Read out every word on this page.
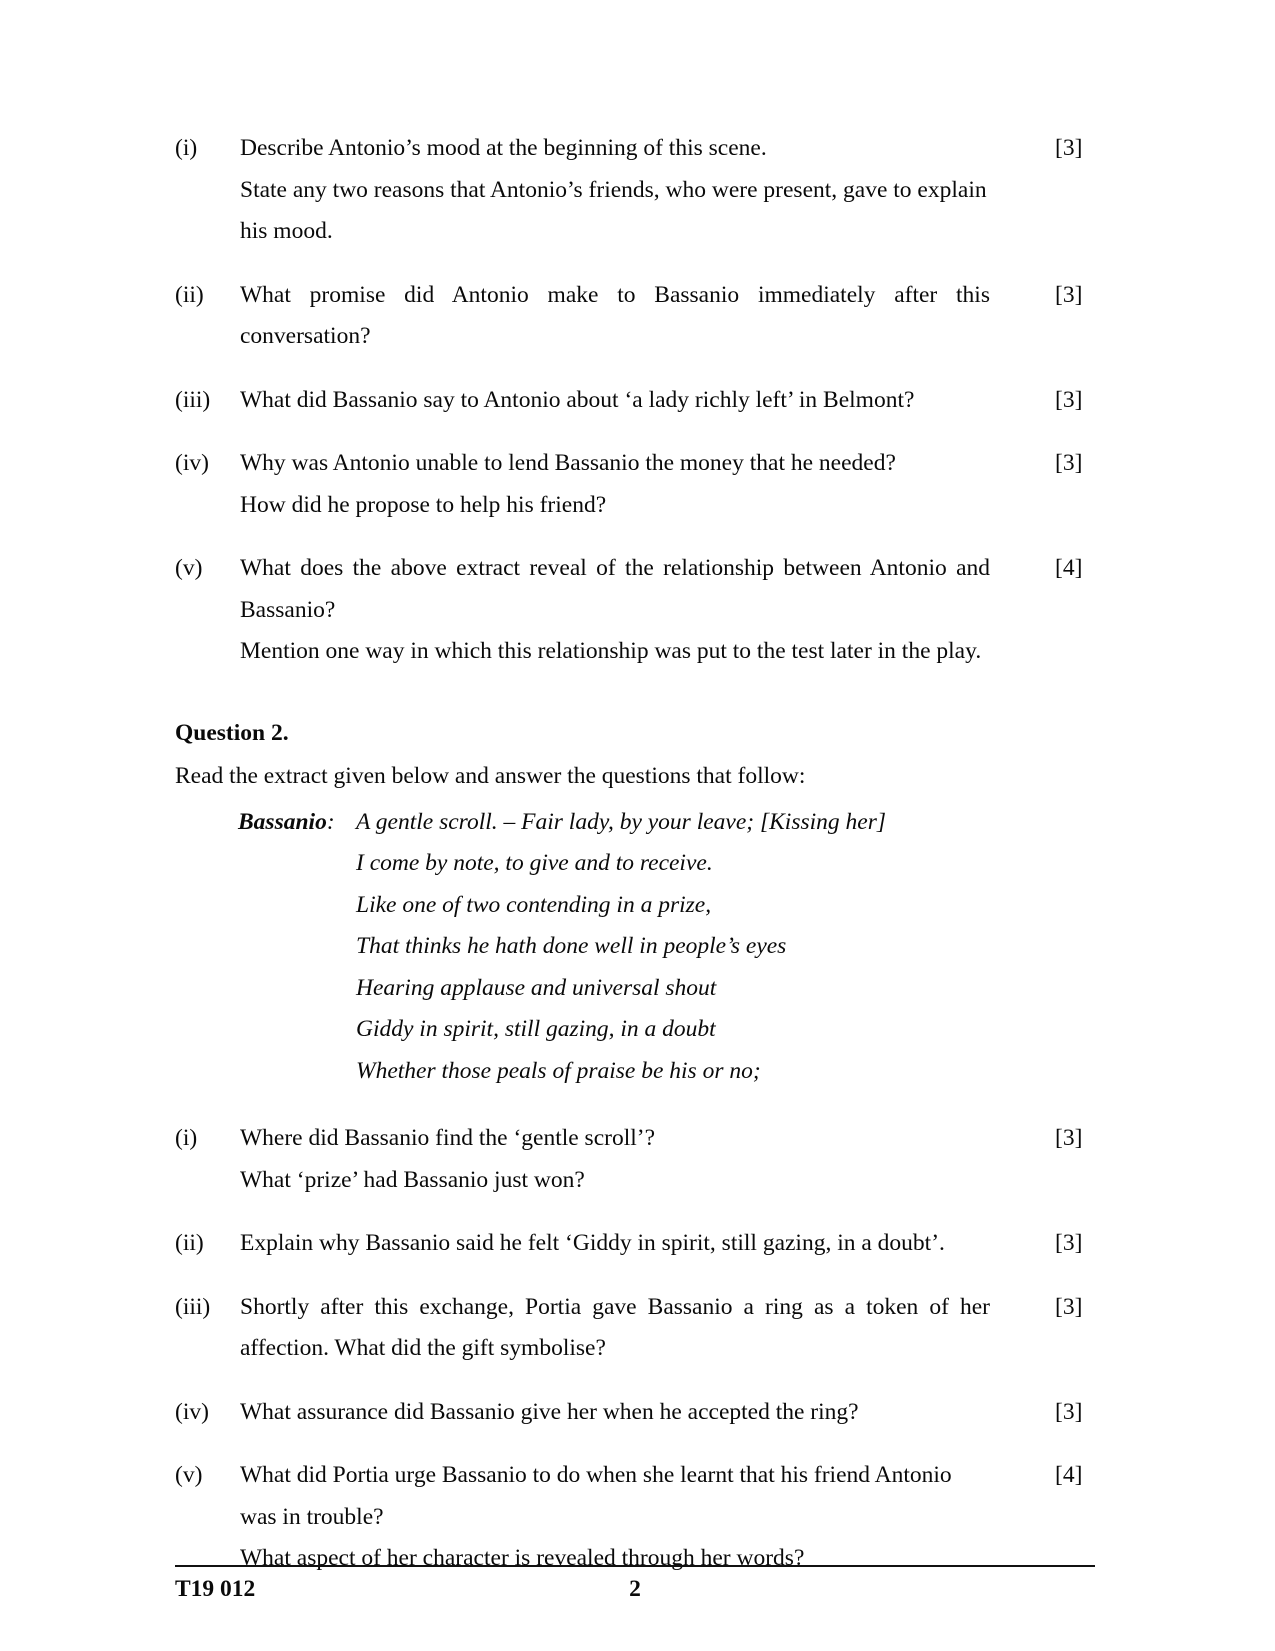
(i)	Describe Antonio’s mood at the beginning of this scene.
State any two reasons that Antonio’s friends, who were present, gave to explain his mood.
[3]
(ii)	What promise did Antonio make to Bassanio immediately after this conversation?
[3]
(iii)	What did Bassanio say to Antonio about ‘a lady richly left’ in Belmont?	[3]
(iv)	Why was Antonio unable to lend Bassanio the money that he needed?
How did he propose to help his friend?
[3]
(v)	What does the above extract reveal of the relationship between Antonio and Bassanio?
Mention one way in which this relationship was put to the test later in the play.
[4]
Question 2.
Read the extract given below and answer the questions that follow:
Bassanio: A gentle scroll. – Fair lady, by your leave; [Kissing her]
I come by note, to give and to receive.
Like one of two contending in a prize,
That thinks he hath done well in people’s eyes
Hearing applause and universal shout
Giddy in spirit, still gazing, in a doubt
Whether those peals of praise be his or no;
(i)	Where did Bassanio find the ‘gentle scroll’?
What ‘prize’ had Bassanio just won?
[3]
(ii)	Explain why Bassanio said he felt ‘Giddy in spirit, still gazing, in a doubt’.	[3]
(iii)	Shortly after this exchange, Portia gave Bassanio a ring as a token of her affection. What did the gift symbolise?
[3]
(iv)	What assurance did Bassanio give her when he accepted the ring?	[3]
(v)	What did Portia urge Bassanio to do when she learnt that his friend Antonio was in trouble?
What aspect of her character is revealed through her words?
[4]
T19 012	2
